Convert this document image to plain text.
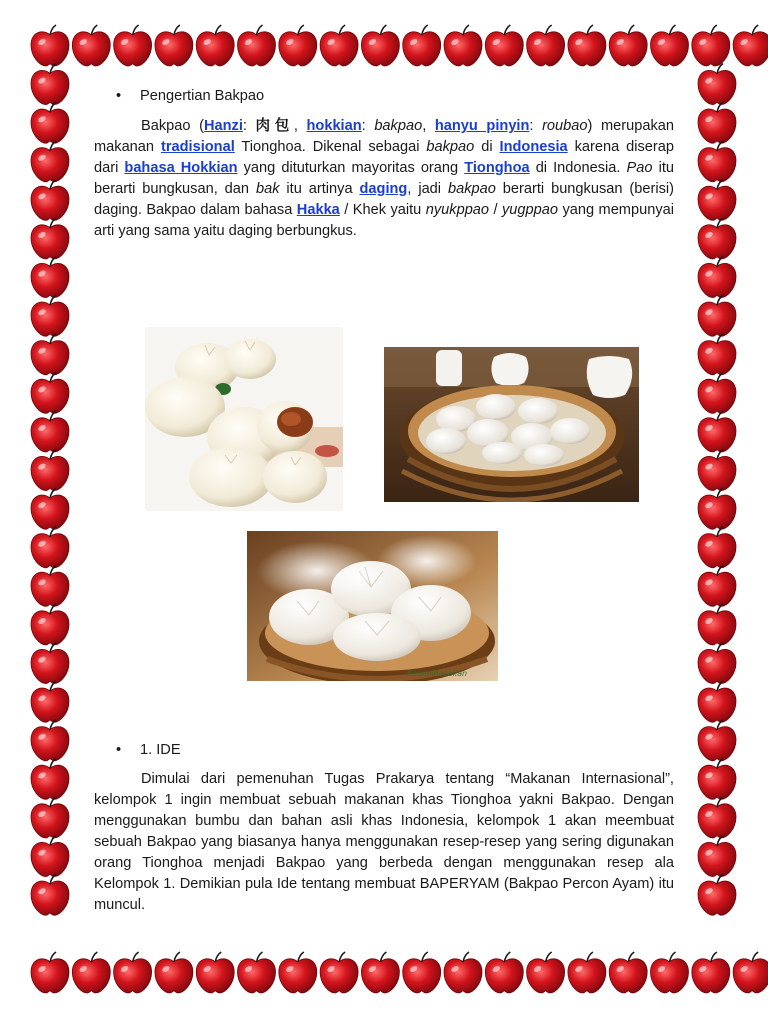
•	Pengertian Bakpao
Bakpao (Hanzi: 肉包, hokkian: bakpao, hanyu pinyin: roubao) merupakan makanan tradisional Tionghoa. Dikenal sebagai bakpao di Indonesia karena diserap dari bahasa Hokkian yang dituturkan mayoritas orang Tionghoa di Indonesia. Pao itu berarti bungkusan, dan bak itu artinya daging, jadi bakpao berarti bungkusan (berisi) daging. Bakpao dalam bahasa Hakka / Khek yaitu nyukppao / yugppao yang mempunyai arti yang sama yaitu daging berbungkus.
ResepMasakan
•	1. IDE
Dimulai dari pemenuhan Tugas Prakarya tentang “Makanan Internasional”, kelompok 1 ingin membuat sebuah makanan khas Tionghoa yakni Bakpao. Dengan menggunakan bumbu dan bahan asli khas Indonesia, kelompok 1 akan meembuat sebuah Bakpao yang biasanya hanya menggunakan resep-resep yang sering digunakan orang Tionghoa menjadi Bakpao yang berbeda dengan menggunakan resep ala Kelompok 1. Demikian pula Ide tentang membuat BAPERYAM (Bakpao Percon Ayam) itu muncul.
